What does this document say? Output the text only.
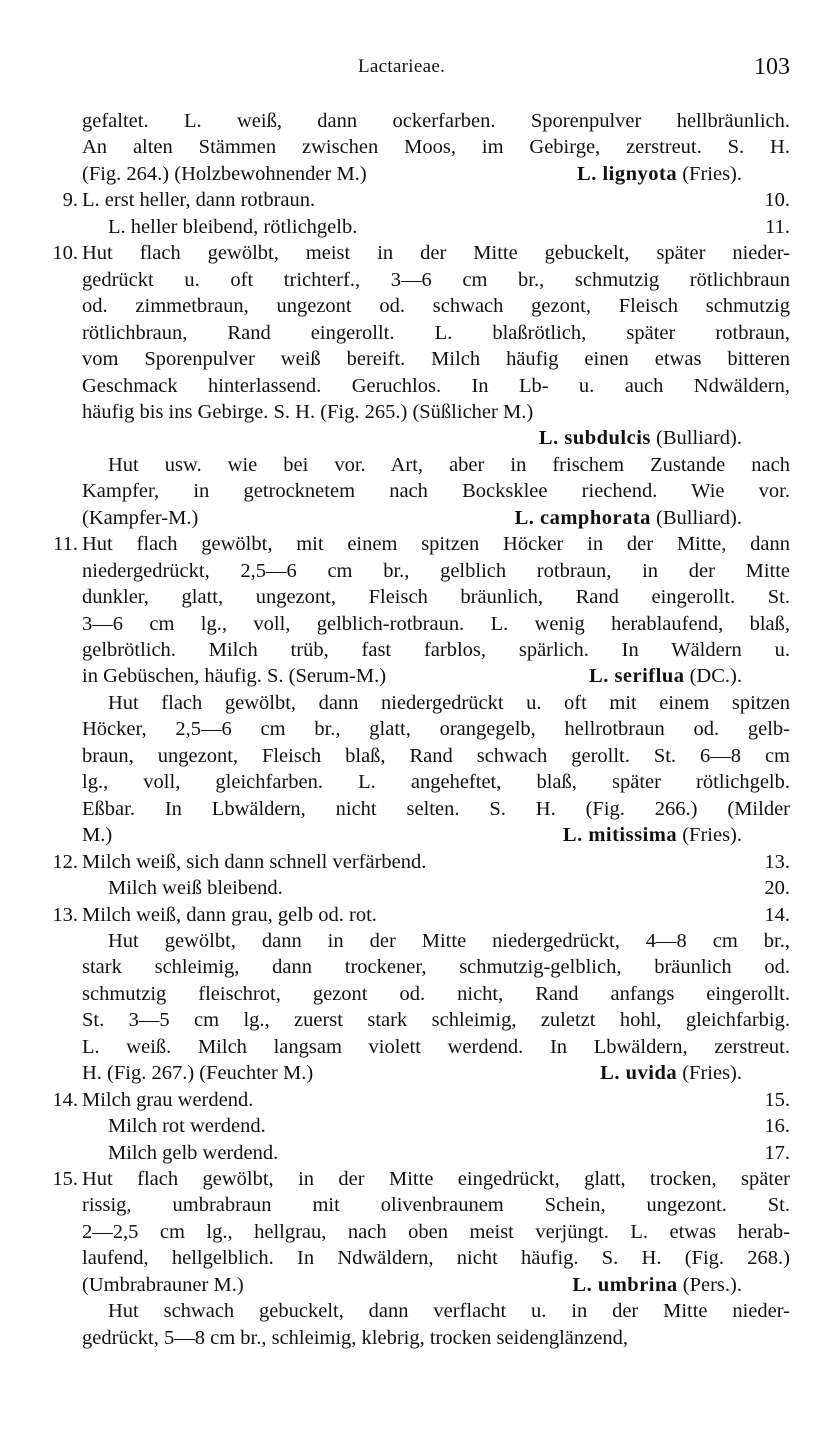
Lactarieae.	103
gefaltet. L. weiß, dann ockerfarben. Sporenpulver hellbräunlich.
An alten Stämmen zwischen Moos, im Gebirge, zerstreut. S. H.
(Fig. 264.) (Holzbewohnender M.)	L. lignyota (Fries).
9. L. erst heller, dann rotbraun.	10.
L. heller bleibend, rötlichgelb.	11.
10. Hut flach gewölbt, meist in der Mitte gebuckelt, später nieder-
gedrückt u. oft trichterf., 3—6 cm br., schmutzig rötlichbraun
od. zimmetbraun, ungezont od. schwach gezont, Fleisch schmutzig
rötlichbraun, Rand eingerollt. L. blaßrötlich, später rotbraun,
vom Sporenpulver weiß bereift. Milch häufig einen etwas bitteren
Geschmack hinterlassend. Geruchlos. In Lb- u. auch Ndwäldern,
häufig bis ins Gebirge. S. H. (Fig. 265.) (Süßlicher M.)
L. subdulcis (Bulliard).
Hut usw. wie bei vor. Art, aber in frischem Zustande nach
Kampfer, in getrocknetem nach Bocksklee riechend. Wie vor.
(Kampfer-M.)	L. camphorata (Bulliard).
11. Hut flach gewölbt, mit einem spitzen Höcker in der Mitte, dann
niedergedrückt, 2,5—6 cm br., gelblich rotbraun, in der Mitte
dunkler, glatt, ungezont, Fleisch bräunlich, Rand eingerollt. St.
3—6 cm lg., voll, gelblich-rotbraun. L. wenig herablaufend, blaß,
gelbrötlich. Milch trüb, fast farblos, spärlich. In Wäldern u.
in Gebüschen, häufig. S. (Serum-M.)	L. seriflua (DC.).
Hut flach gewölbt, dann niedergedrückt u. oft mit einem spitzen
Höcker, 2,5—6 cm br., glatt, orangegelb, hellrotbraun od. gelb-
braun, ungezont, Fleisch blaß, Rand schwach gerollt. St. 6—8 cm
lg., voll, gleichfarben. L. angeheftet, blaß, später rötlichgelb.
Eßbar. In Lbwäldern, nicht selten. S. H. (Fig. 266.) (Milder
M.)	L. mitissima (Fries).
12. Milch weiß, sich dann schnell verfärbend.	13.
Milch weiß bleibend.	20.
13. Milch weiß, dann grau, gelb od. rot.	14.
Hut gewölbt, dann in der Mitte niedergedrückt, 4—8 cm br.,
stark schleimig, dann trockener, schmutzig-gelblich, bräunlich od.
schmutzig fleischrot, gezont od. nicht, Rand anfangs eingerollt.
St. 3—5 cm lg., zuerst stark schleimig, zuletzt hohl, gleichfarbig.
L. weiß. Milch langsam violett werdend. In Lbwäldern, zerstreut.
H. (Fig. 267.) (Feuchter M.)	L. uvida (Fries).
14. Milch grau werdend.	15.
Milch rot werdend.	16.
Milch gelb werdend.	17.
15. Hut flach gewölbt, in der Mitte eingedrückt, glatt, trocken, später
rissig, umbrabraun mit olivenbraunem Schein, ungezont. St.
2—2,5 cm lg., hellgrau, nach oben meist verjüngt. L. etwas herab-
laufend, hellgelblich. In Ndwäldern, nicht häufig. S. H. (Fig. 268.)
(Umbrabrauner M.)	L. umbrina (Pers.).
Hut schwach gebuckelt, dann verflacht u. in der Mitte nieder-
gedrückt, 5—8 cm br., schleimig, klebrig, trocken seidenglänzend,
